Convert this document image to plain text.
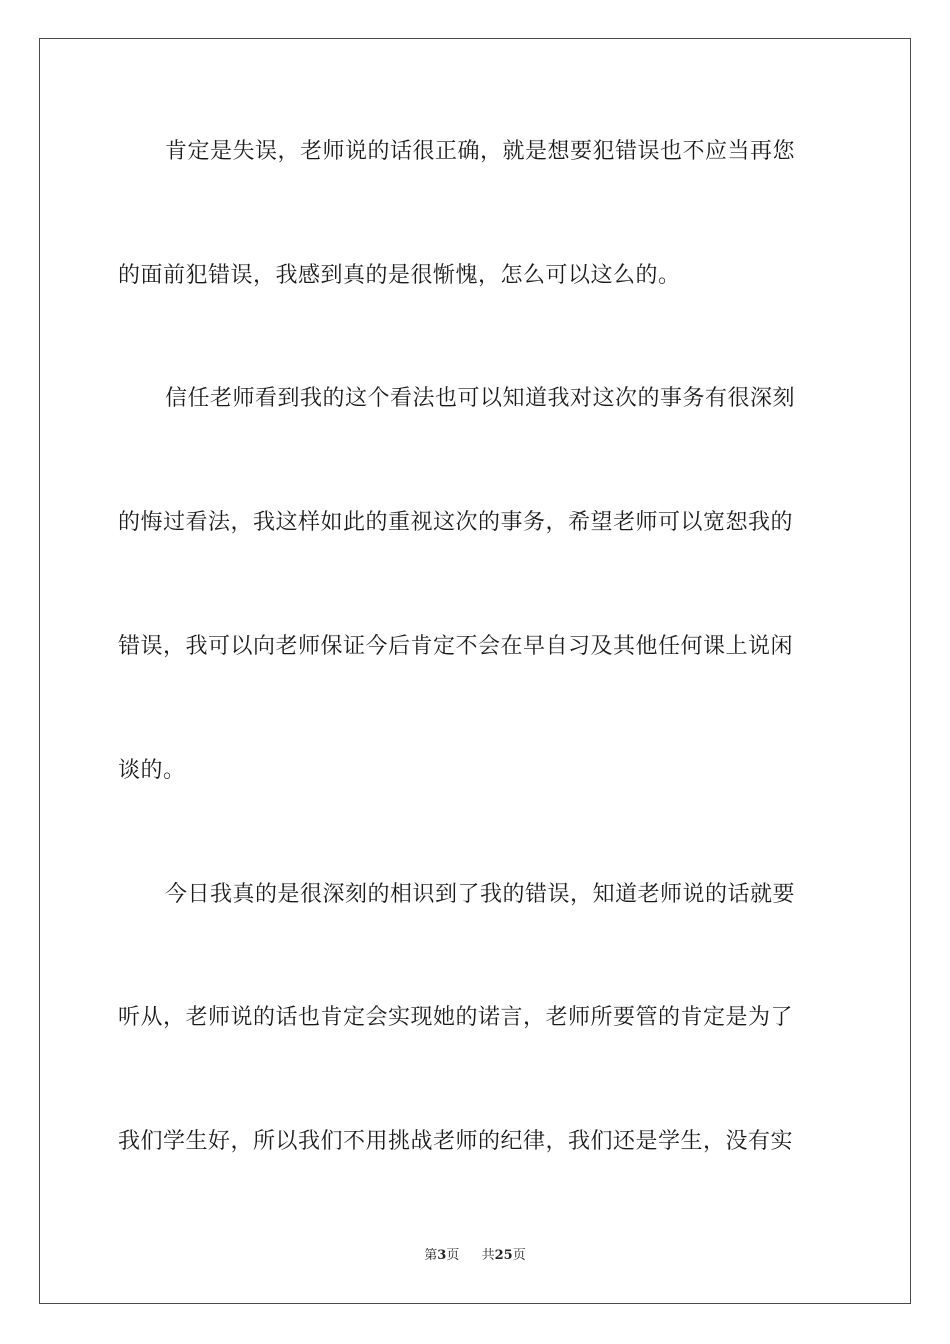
肯定是失误，老师说的话很正确，就是想要犯错误也不应当再您
的面前犯错误，我感到真的是很惭愧，怎么可以这么的。
信任老师看到我的这个看法也可以知道我对这次的事务有很深刻
的悔过看法，我这样如此的重视这次的事务，希望老师可以宽恕我的
错误，我可以向老师保证今后肯定不会在早自习及其他任何课上说闲
谈的。
今日我真的是很深刻的相识到了我的错误，知道老师说的话就要
听从，老师说的话也肯定会实现她的诺言，老师所要管的肯定是为了
我们学生好，所以我们不用挑战老师的纪律，我们还是学生，没有实
第3页 共25页
